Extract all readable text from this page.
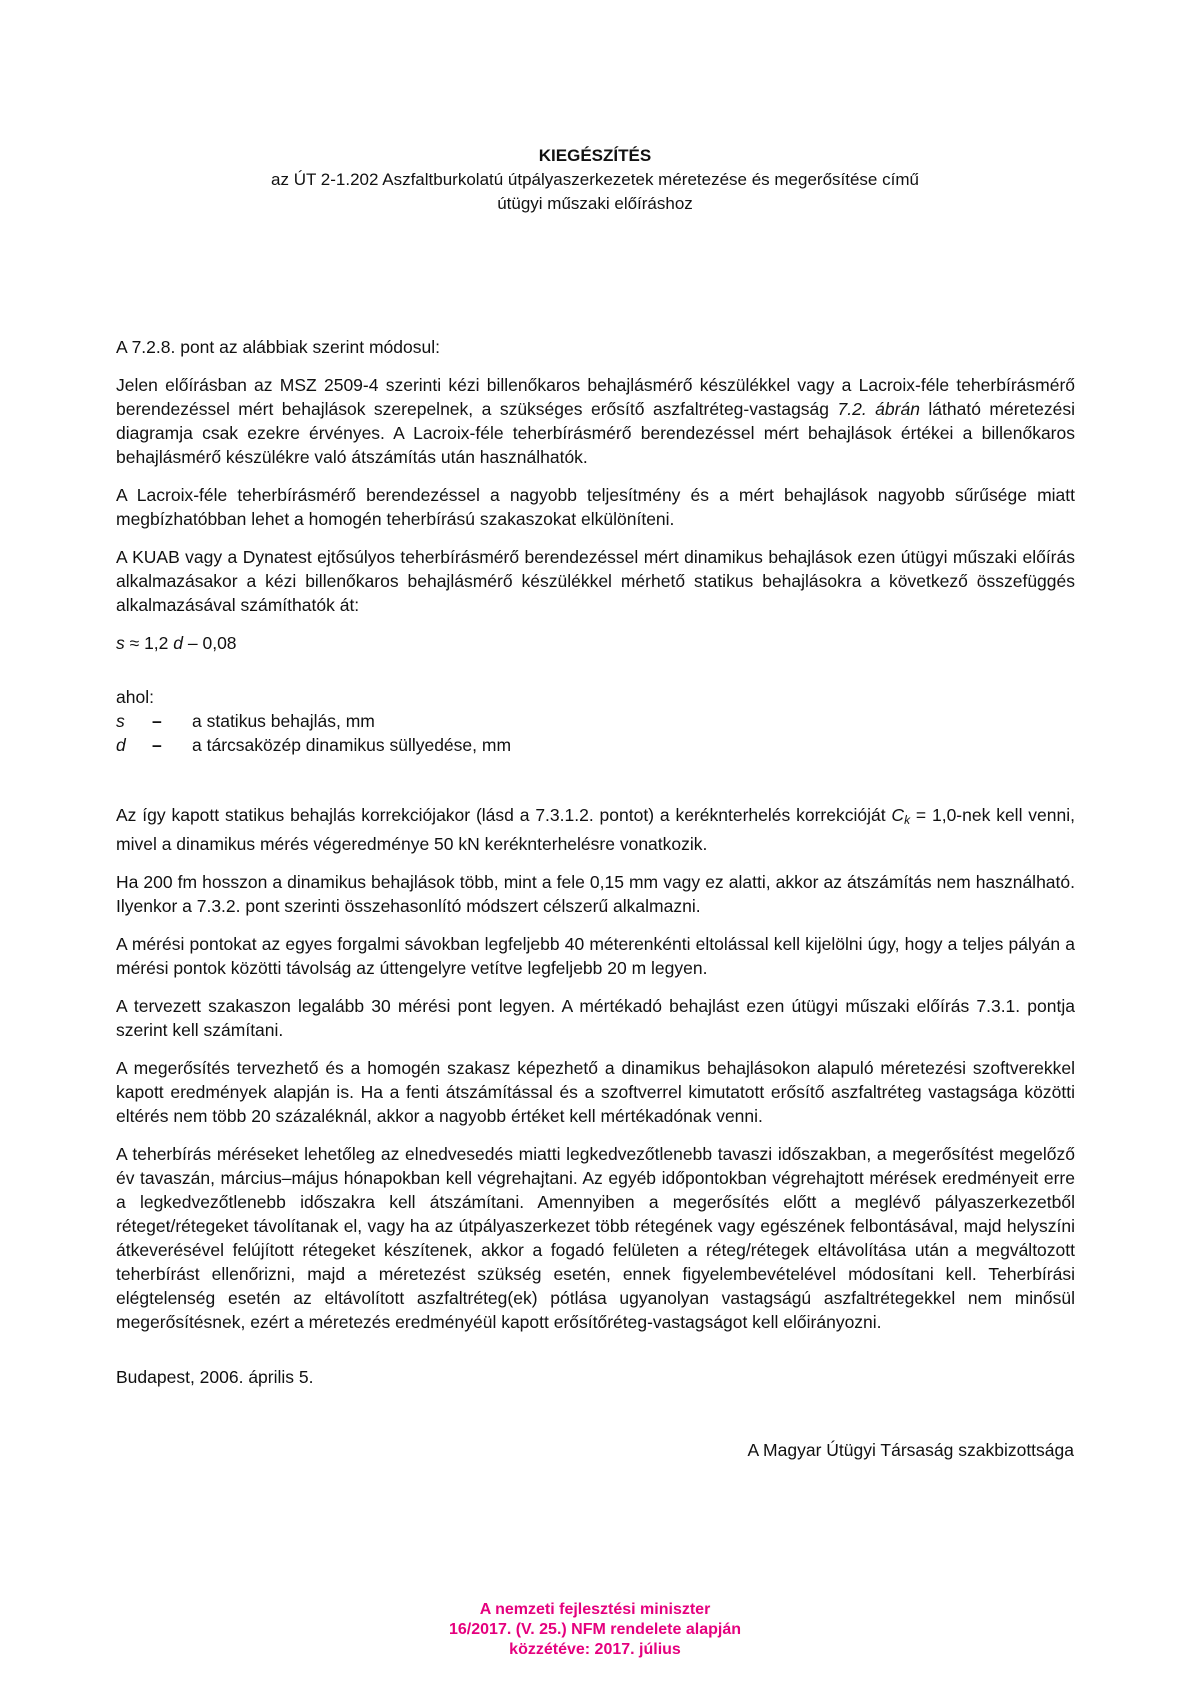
KIEGÉSZÍTÉS
az ÚT 2-1.202 Aszfaltburkolatú útpályaszerkezetek méretezése és megerősítése című
útügyi műszaki előíráshoz

A 7.2.8. pont az alábbiak szerint módosul:

Jelen előírásban az MSZ 2509-4 szerinti kézi billenőkaros behajlásmérő készülékkel vagy a Lacroix-féle teherbírásmérő berendezéssel mért behajlások szerepelnek, a szükséges erősítő aszfaltréteg-vastagság 7.2. ábrán látható méretezési diagramja csak ezekre érvényes. A Lacroix-féle teherbírásmérő berendezéssel mért behajlások értékei a billenőkaros behajlásmérő készülékre való átszámítás után használhatók.

A Lacroix-féle teherbírásmérő berendezéssel a nagyobb teljesítmény és a mért behajlások nagyobb sűrűsége miatt megbízhatóbban lehet a homogén teherbírású szakaszokat elkülöníteni.

A KUAB vagy a Dynatest ejtősúlyos teherbírásmérő berendezéssel mért dinamikus behajlások ezen útügyi műszaki előírás alkalmazásakor a kézi billenőkaros behajlásmérő készülékkel mérhető statikus behajlásokra a következő összefüggés alkalmazásával számíthatók át:

s ≈ 1,2 d – 0,08

ahol:
s	–	a statikus behajlás, mm
d	–	a tárcsaközép dinamikus süllyedése, mm

Az így kapott statikus behajlás korrekciójakor (lásd a 7.3.1.2. pontot) a keréknterhelés korrekcióját $C_k = 1,0-nek$ kell venni, mivel a dinamikus mérés végeredménye 50 kN keréknterhelésre vonatkozik.

Ha 200 fm hosszon a dinamikus behajlások több, mint a fele 0,15 mm vagy ez alatti, akkor az átszámítás nem használható. Ilyenkor a 7.3.2. pont szerinti összehasonlító módszert célszerű alkalmazni.

A mérési pontokat az egyes forgalmi sávokban legfeljebb 40 méterenkénti eltolással kell kijelölni úgy, hogy a teljes pályán a mérési pontok közötti távolság az úttengelyre vetítve legfeljebb 20 m legyen.

A tervezett szakaszon legalább 30 mérési pont legyen. A mértékadó behajlást ezen útügyi műszaki előírás 7.3.1. pontja szerint kell számítani.

A megerősítés tervezhető és a homogén szakasz képezhető a dinamikus behajlásokon alapuló méretezési szoftverekkel kapott eredmények alapján is. Ha a fenti átszámítással és a szoftverrel kimutatott erősítő aszfaltréteg vastagsága közötti eltérés nem több 20 százaléknál, akkor a nagyobb értéket kell mértékadónak venni.

A teherbírás méréseket lehetőleg az elnedvesedés miatti legkedvezőtlenebb tavaszi időszakban, a megerősítést megelőző év tavaszán, március–május hónapokban kell végrehajtani. Az egyéb időpontokban végrehajtott mérések eredményeit erre a legkedvezőtlenebb időszakra kell átszámítani. Amennyiben a megerősítés előtt a meglévő pályaszerkezetből réteget/rétegeket távolítanak el, vagy ha az útpályaszerkezet több rétegének vagy egészének felbontásával, majd helyszíni átkeverésével felújított rétegeket készítenek, akkor a fogadó felületen a réteg/rétegek eltávolítása után a megváltozott teherbírást ellenőrizni, majd a méretezést szükség esetén, ennek figyelembevételével módosítani kell. Teherbírási elégtelenség esetén az eltávolított aszfaltréteg(ek) pótlása ugyanolyan vastagságú aszfaltrétegekkel nem minősül megerősítésnek, ezért a méretezés eredményéül kapott erősítőréteg-vastagságot kell előirányozni.

Budapest, 2006. április 5.
A Magyar Útügyi Társaság szakbizottsága
A nemzeti fejlesztési miniszter
16/2017. (V. 25.) NFM rendelete alapján
közzétéve: 2017. július
